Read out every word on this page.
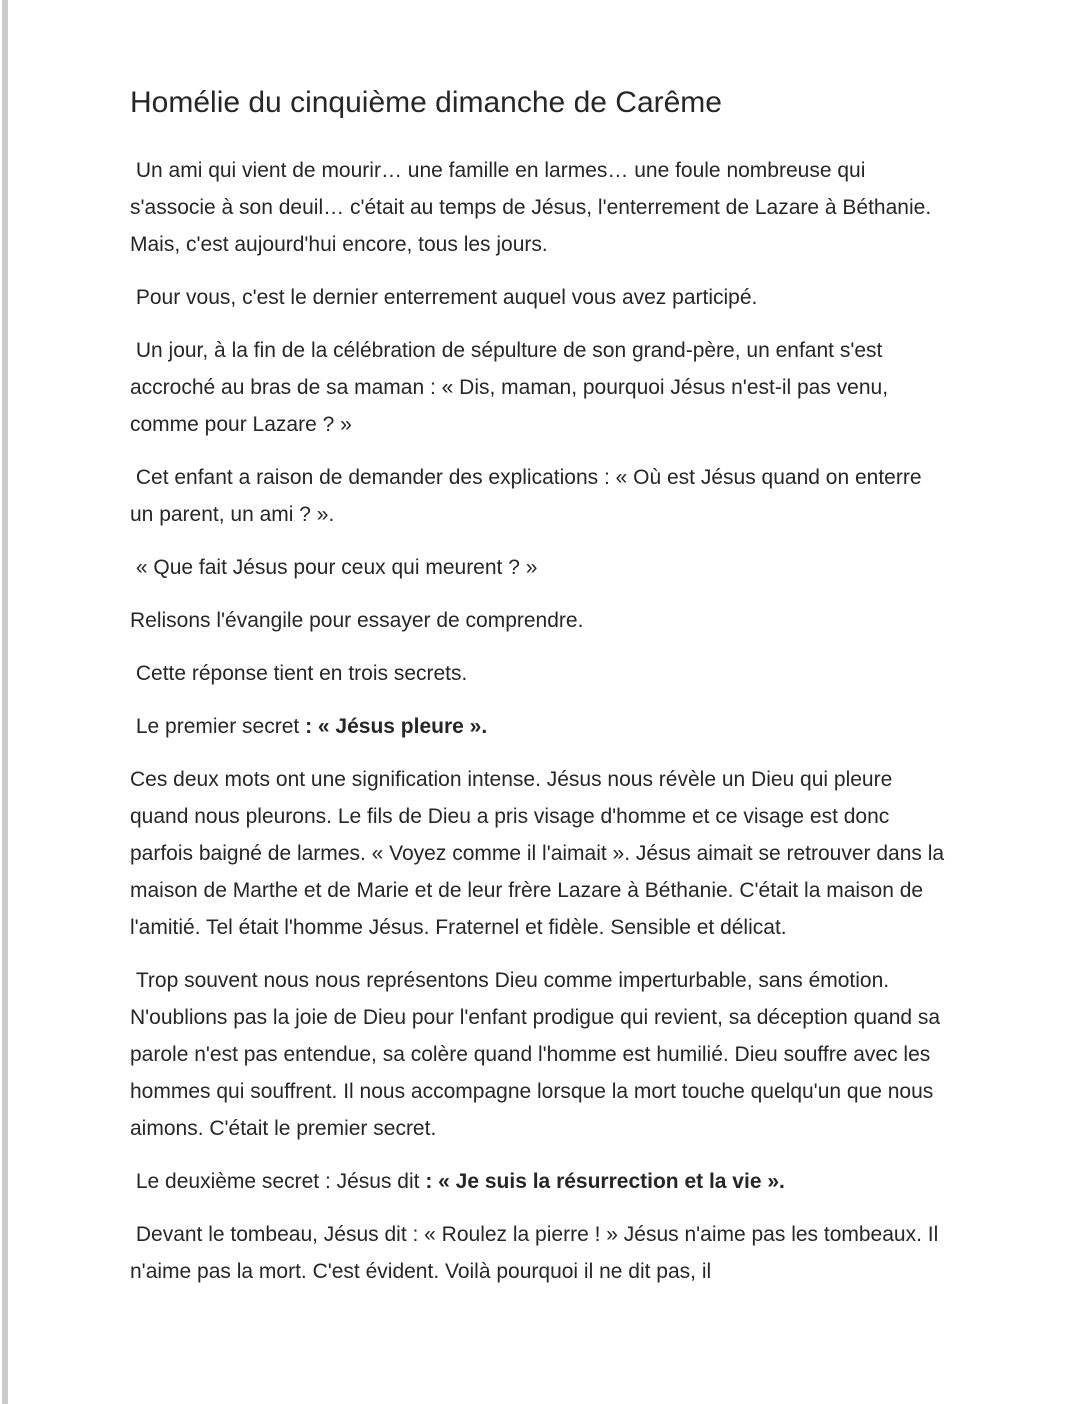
Homélie du cinquième dimanche de Carême

Un ami qui vient de mourir… une famille en larmes… une foule nombreuse qui s'associe à son deuil… c'était au temps de Jésus, l'enterrement de Lazare à Béthanie. Mais, c'est aujourd'hui encore, tous les jours.

Pour vous, c'est le dernier enterrement auquel vous avez participé.

Un jour, à la fin de la célébration de sépulture de son grand-père, un enfant s'est accroché au bras de sa maman : « Dis, maman, pourquoi Jésus n'est-il pas venu, comme pour Lazare ? »

Cet enfant a raison de demander des explications : « Où est Jésus quand on enterre un parent, un ami ? ».

« Que fait Jésus pour ceux qui meurent ? »

Relisons l'évangile pour essayer de comprendre.

Cette réponse tient en trois secrets.

Le premier secret : « Jésus pleure ».

Ces deux mots ont une signification intense. Jésus nous révèle un Dieu qui pleure quand nous pleurons. Le fils de Dieu a pris visage d'homme et ce visage est donc parfois baigné de larmes. « Voyez comme il l'aimait ». Jésus aimait se retrouver dans la maison de Marthe et de Marie et de leur frère Lazare à Béthanie. C'était la maison de l'amitié. Tel était l'homme Jésus. Fraternel et fidèle. Sensible et délicat.

Trop souvent nous nous représentons Dieu comme imperturbable, sans émotion. N'oublions pas la joie de Dieu pour l'enfant prodigue qui revient, sa déception quand sa parole n'est pas entendue, sa colère quand l'homme est humilié. Dieu souffre avec les hommes qui souffrent. Il nous accompagne lorsque la mort touche quelqu'un que nous aimons. C'était le premier secret.

Le deuxième secret : Jésus dit : « Je suis la résurrection et la vie ».

Devant le tombeau, Jésus dit : « Roulez la pierre ! » Jésus n'aime pas les tombeaux. Il n'aime pas la mort. C'est évident. Voilà pourquoi il ne dit pas, il
